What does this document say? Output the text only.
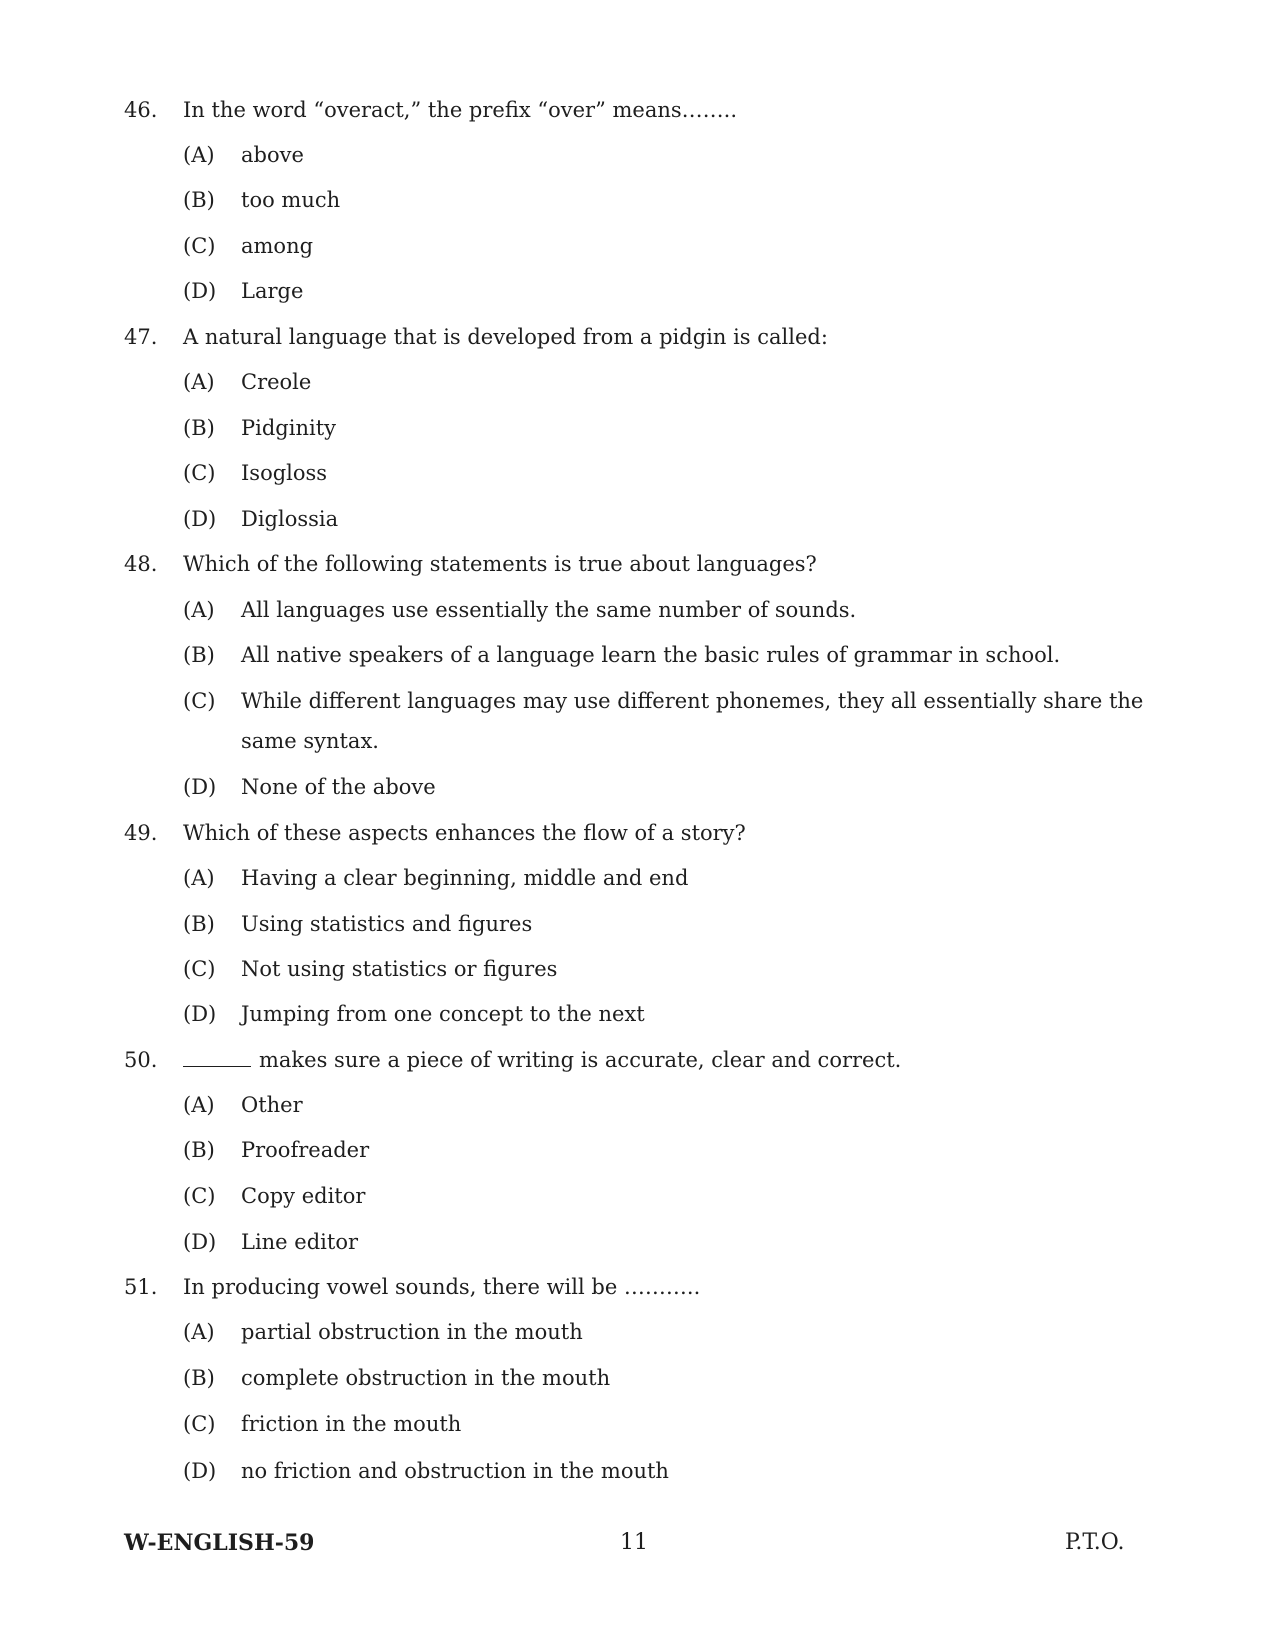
46. In the word “overact,” the prefix “over” means……..
(A) above
(B) too much
(C) among
(D) Large
47. A natural language that is developed from a pidgin is called:
(A) Creole
(B) Pidginity
(C) Isogloss
(D) Diglossia
48. Which of the following statements is true about languages?
(A) All languages use essentially the same number of sounds.
(B) All native speakers of a language learn the basic rules of grammar in school.
(C) While different languages may use different phonemes, they all essentially share the
same syntax.
(D) None of the above
49. Which of these aspects enhances the flow of a story?
(A) Having a clear beginning, middle and end
(B) Using statistics and figures
(C) Not using statistics or figures
(D) Jumping from one concept to the next
50.	makes sure a piece of writing is accurate, clear and correct.
(A) Other
(B) Proofreader
(C) Copy editor
(D) Line editor
51. In producing vowel sounds, there will be ………..
(A) partial obstruction in the mouth
(B) complete obstruction in the mouth
(C) friction in the mouth
(D) no friction and obstruction in the mouth
W-ENGLISH-59	11	P.T.O.
